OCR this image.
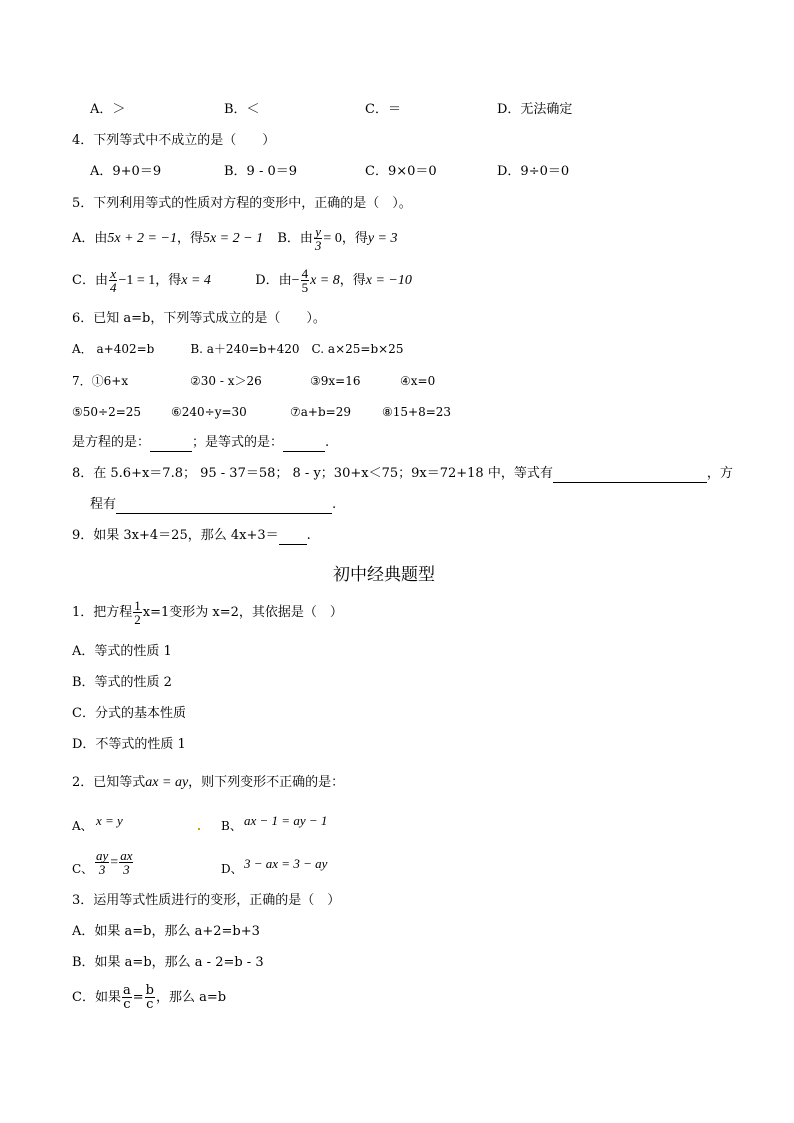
A．＞	B．＜	C．＝	D．无法确定
4．下列等式中不成立的是（　　）
A．9+0＝9	B．9 - 0＝9	C．9×0＝0	D．9÷0＝0
5．下列利用等式的性质对方程的变形中，正确的是（　）。
A．由5x + 2 = −1，得5x = 2 − 1 B．由 $\frac{y}{3} = 0$，得y = 3
C．由 $\frac{x}{4} -1 = 1$，得x = 4	D．由− $\frac{4}{5}$ x = 8，得x = −10
6．已知 a=b，下列等式成立的是（　　）。
A． a+402=b　　　B. a＋240=b+420　C. a×25=b×25
7．①6+x	②30 - x＞26	③9x=16	④x=0
⑤50÷2=25 ⑥240÷y=30	⑦a+b=29	⑧15+8=23
是方程的是：	；是等式的是：	.
8．在 5.6+x＝7.8； 95 - 37＝58； 8 - y；30+x＜75；9x＝72+18 中，等式有	，方
程有	.
9．如果 3x+4＝25，那么 4x+3＝ .
初中经典题型
1．把方程 $\frac{1}{2} x=1$变形为 x=2，其依据是（　）
A．等式的性质 1
B．等式的性质 2
C．分式的基本性质
D．不等式的性质 1
2．已知等式ax = ay，则下列变形不正确的是：
A、 x = y	B、 ax − 1 = ay − 1
C、 $\frac{ay}{3} = \frac{ax}{3}$	D、 3 − ax = 3 − ay
3．运用等式性质进行的变形，正确的是（　）
A．如果 a=b，那么 a+2=b+3
B．如果 a=b，那么 a - 2=b - 3
C．如果 $\frac{a}{c} = \frac{b}{c}$ ，那么 a=b
